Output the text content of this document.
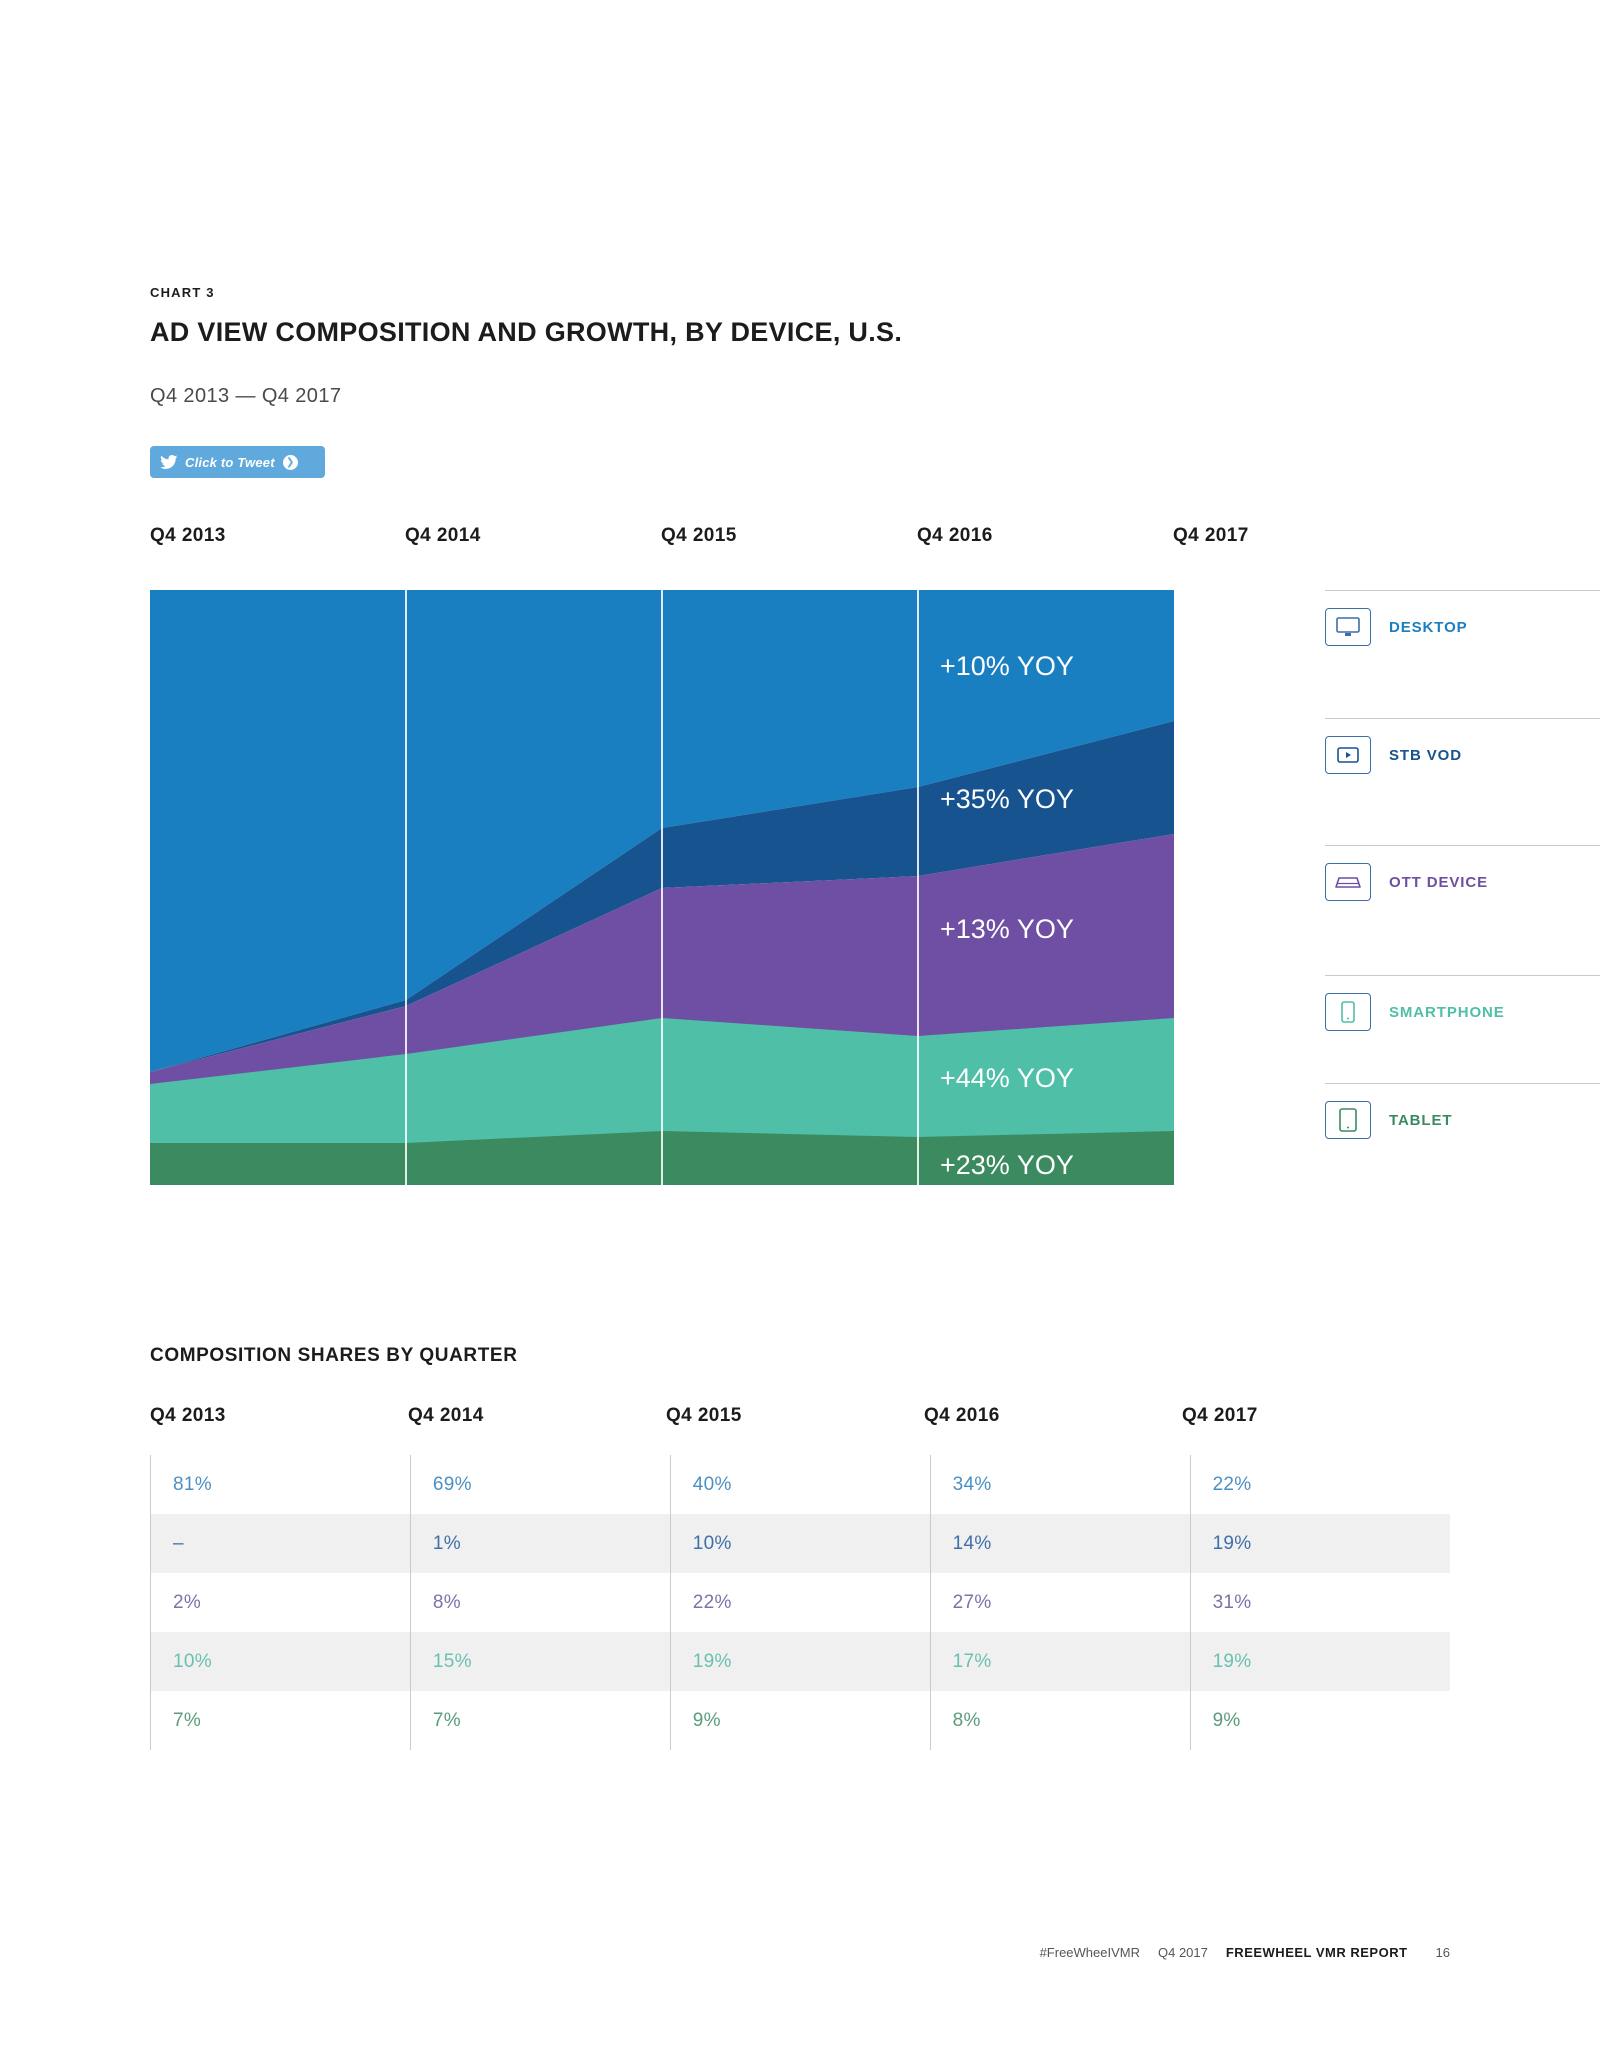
CHART 3
AD VIEW COMPOSITION AND GROWTH, BY DEVICE, U.S.
Q4 2013 — Q4 2017
Click to Tweet	❯
Q4 2013	Q4 2014	Q4 2015	Q4 2016	Q4 2017
+10% YOY
+35% YOY
+13% YOY
+44% YOY
+23% YOY
DESKTOP
STB VOD
OTT DEVICE
SMARTPHONE
TABLET
COMPOSITION SHARES BY QUARTER
Q4 2013	Q4 2014	Q4 2015	Q4 2016	Q4 2017
81%	69%	40%	34%	22%
–	1%	10%	14%	19%
2%	8%	22%	27%	31%
10%	15%	19%	17%	19%
7%	7%	9%	8%	9%
#FreeWheeIVMR Q4 2017 FREEWHEEL VMR REPORT 16
